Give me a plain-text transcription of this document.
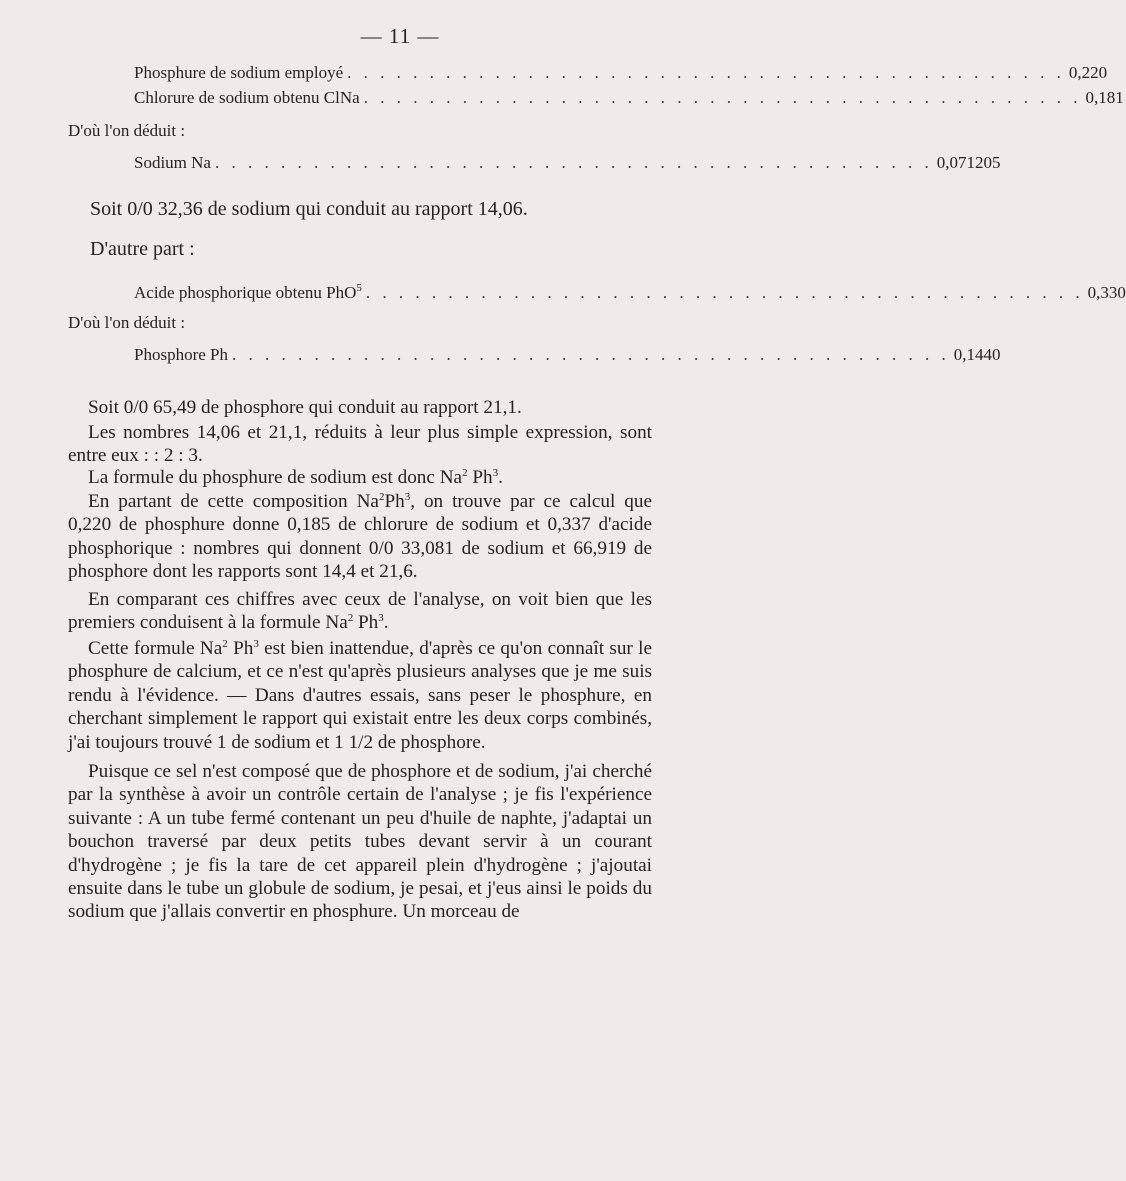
— 11 —
Phosphure de sodium employé . . . . . . . . . . . . . . . . . . . . . . . . . . . . . . . . . . . . . . . . . . . . 0,220
Chlorure de sodium obtenu ClNa . . . . . . . . . . . . . . . . . . . . . . . . . . . . . . . . . . . . . . . . . . . . 0,181
D'où l'on déduit :
Sodium Na . . . . . . . . . . . . . . . . . . . . . . . . . . . . . . . . . . . . . . . . . . . . 0,071205
Soit 0/0 32,36 de sodium qui conduit au rapport 14,06.
D'autre part :
Acide phosphorique obtenu PhO$^5$ . . . . . . . . . . . . . . . . . . . . . . . . . . . . . . . . . . . . . . . . . . . . 0,330
D'où l'on déduit :
Phosphore Ph . . . . . . . . . . . . . . . . . . . . . . . . . . . . . . . . . . . . . . . . . . . . 0,1440
Soit 0/0 65,49 de phosphore qui conduit au rapport 21,1.
Les nombres 14,06 et 21,1, réduits à leur plus simple expression, sont entre eux : : 2 : 3.
La formule du phosphure de sodium est donc Na$^2$ Ph$^3$.
En partant de cette composition Na$^2$Ph$^3$, on trouve par ce calcul que 0,220 de phosphure donne 0,185 de chlorure de sodium et 0,337 d'acide phosphorique : nombres qui donnent 0/0 33,081 de sodium et 66,919 de phosphore dont les rapports sont 14,4 et 21,6.
En comparant ces chiffres avec ceux de l'analyse, on voit bien que les premiers conduisent à la formule Na$^2$ Ph$^3$.
Cette formule Na$^2$ Ph$^3$ est bien inattendue, d'après ce qu'on connaît sur le phosphure de calcium, et ce n'est qu'après plusieurs analyses que je me suis rendu à l'évidence. — Dans d'autres essais, sans peser le phosphure, en cherchant simplement le rapport qui existait entre les deux corps combinés, j'ai toujours trouvé 1 de sodium et 1 1/2 de phosphore.
Puisque ce sel n'est composé que de phosphore et de sodium, j'ai cherché par la synthèse à avoir un contrôle certain de l'analyse ; je fis l'expérience suivante : A un tube fermé contenant un peu d'huile de naphte, j'adaptai un bouchon traversé par deux petits tubes devant servir à un courant d'hydrogène ; je fis la tare de cet appareil plein d'hydrogène ; j'ajoutai ensuite dans le tube un globule de sodium, je pesai, et j'eus ainsi le poids du sodium que j'allais convertir en phosphure. Un morceau de
